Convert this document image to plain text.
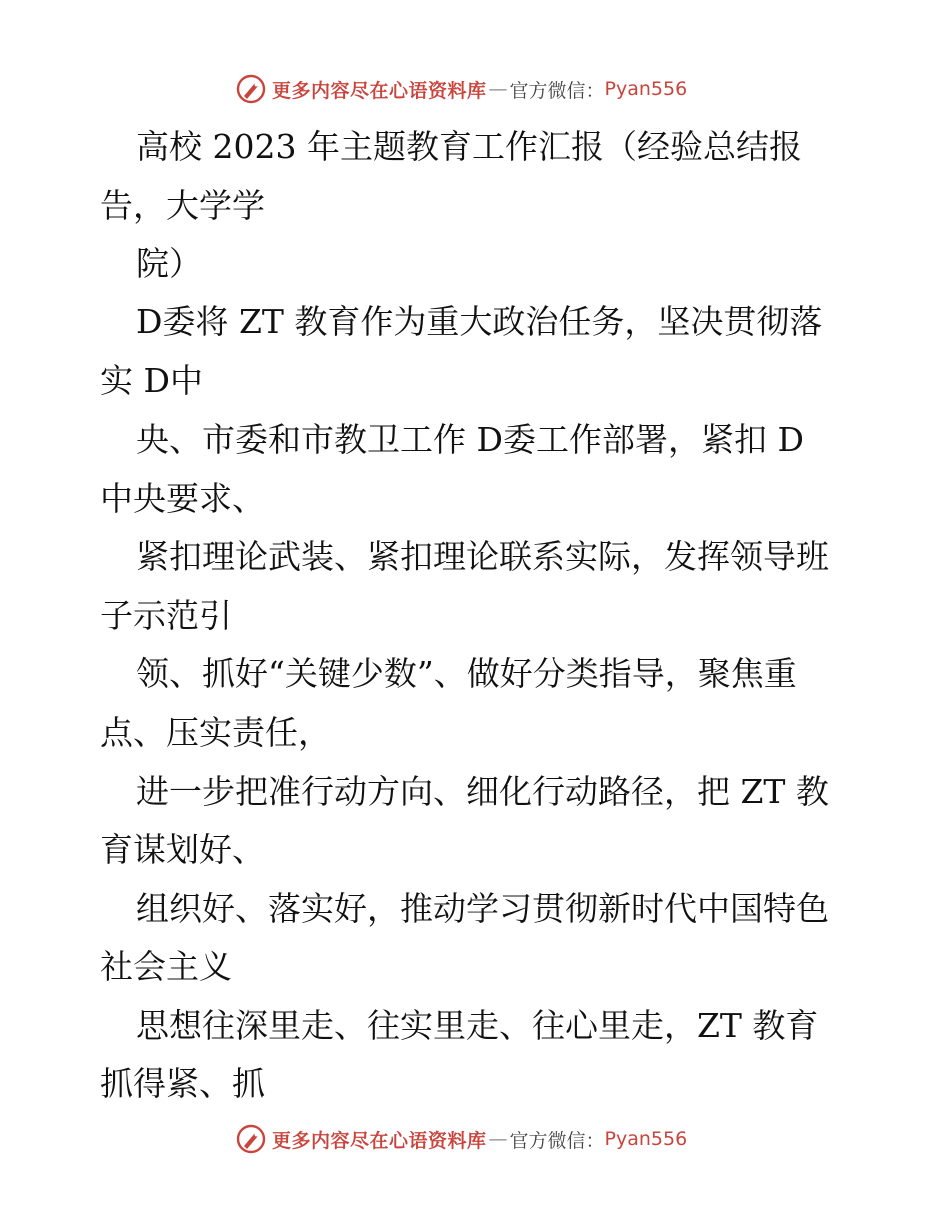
更多内容尽在心语资料库 — 官方微信： Pyan556
高校 2023 年主题教育工作汇报（经验总结报
告，大学学
院）
D委将 ZT 教育作为重大政治任务，坚决贯彻落
实 D中
央、市委和市教卫工作 D委工作部署，紧扣 D
中央要求、
紧扣理论武装、紧扣理论联系实际，发挥领导班
子示范引
领、抓好“关键少数”、做好分类指导，聚焦重
点、压实责任，
进一步把准行动方向、细化行动路径，把 ZT 教
育谋划好、
组织好、落实好，推动学习贯彻新时代中国特色
社会主义
思想往深里走、往实里走、往心里走，ZT 教育
抓得紧、抓
更多内容尽在心语资料库 — 官方微信： Pyan556
